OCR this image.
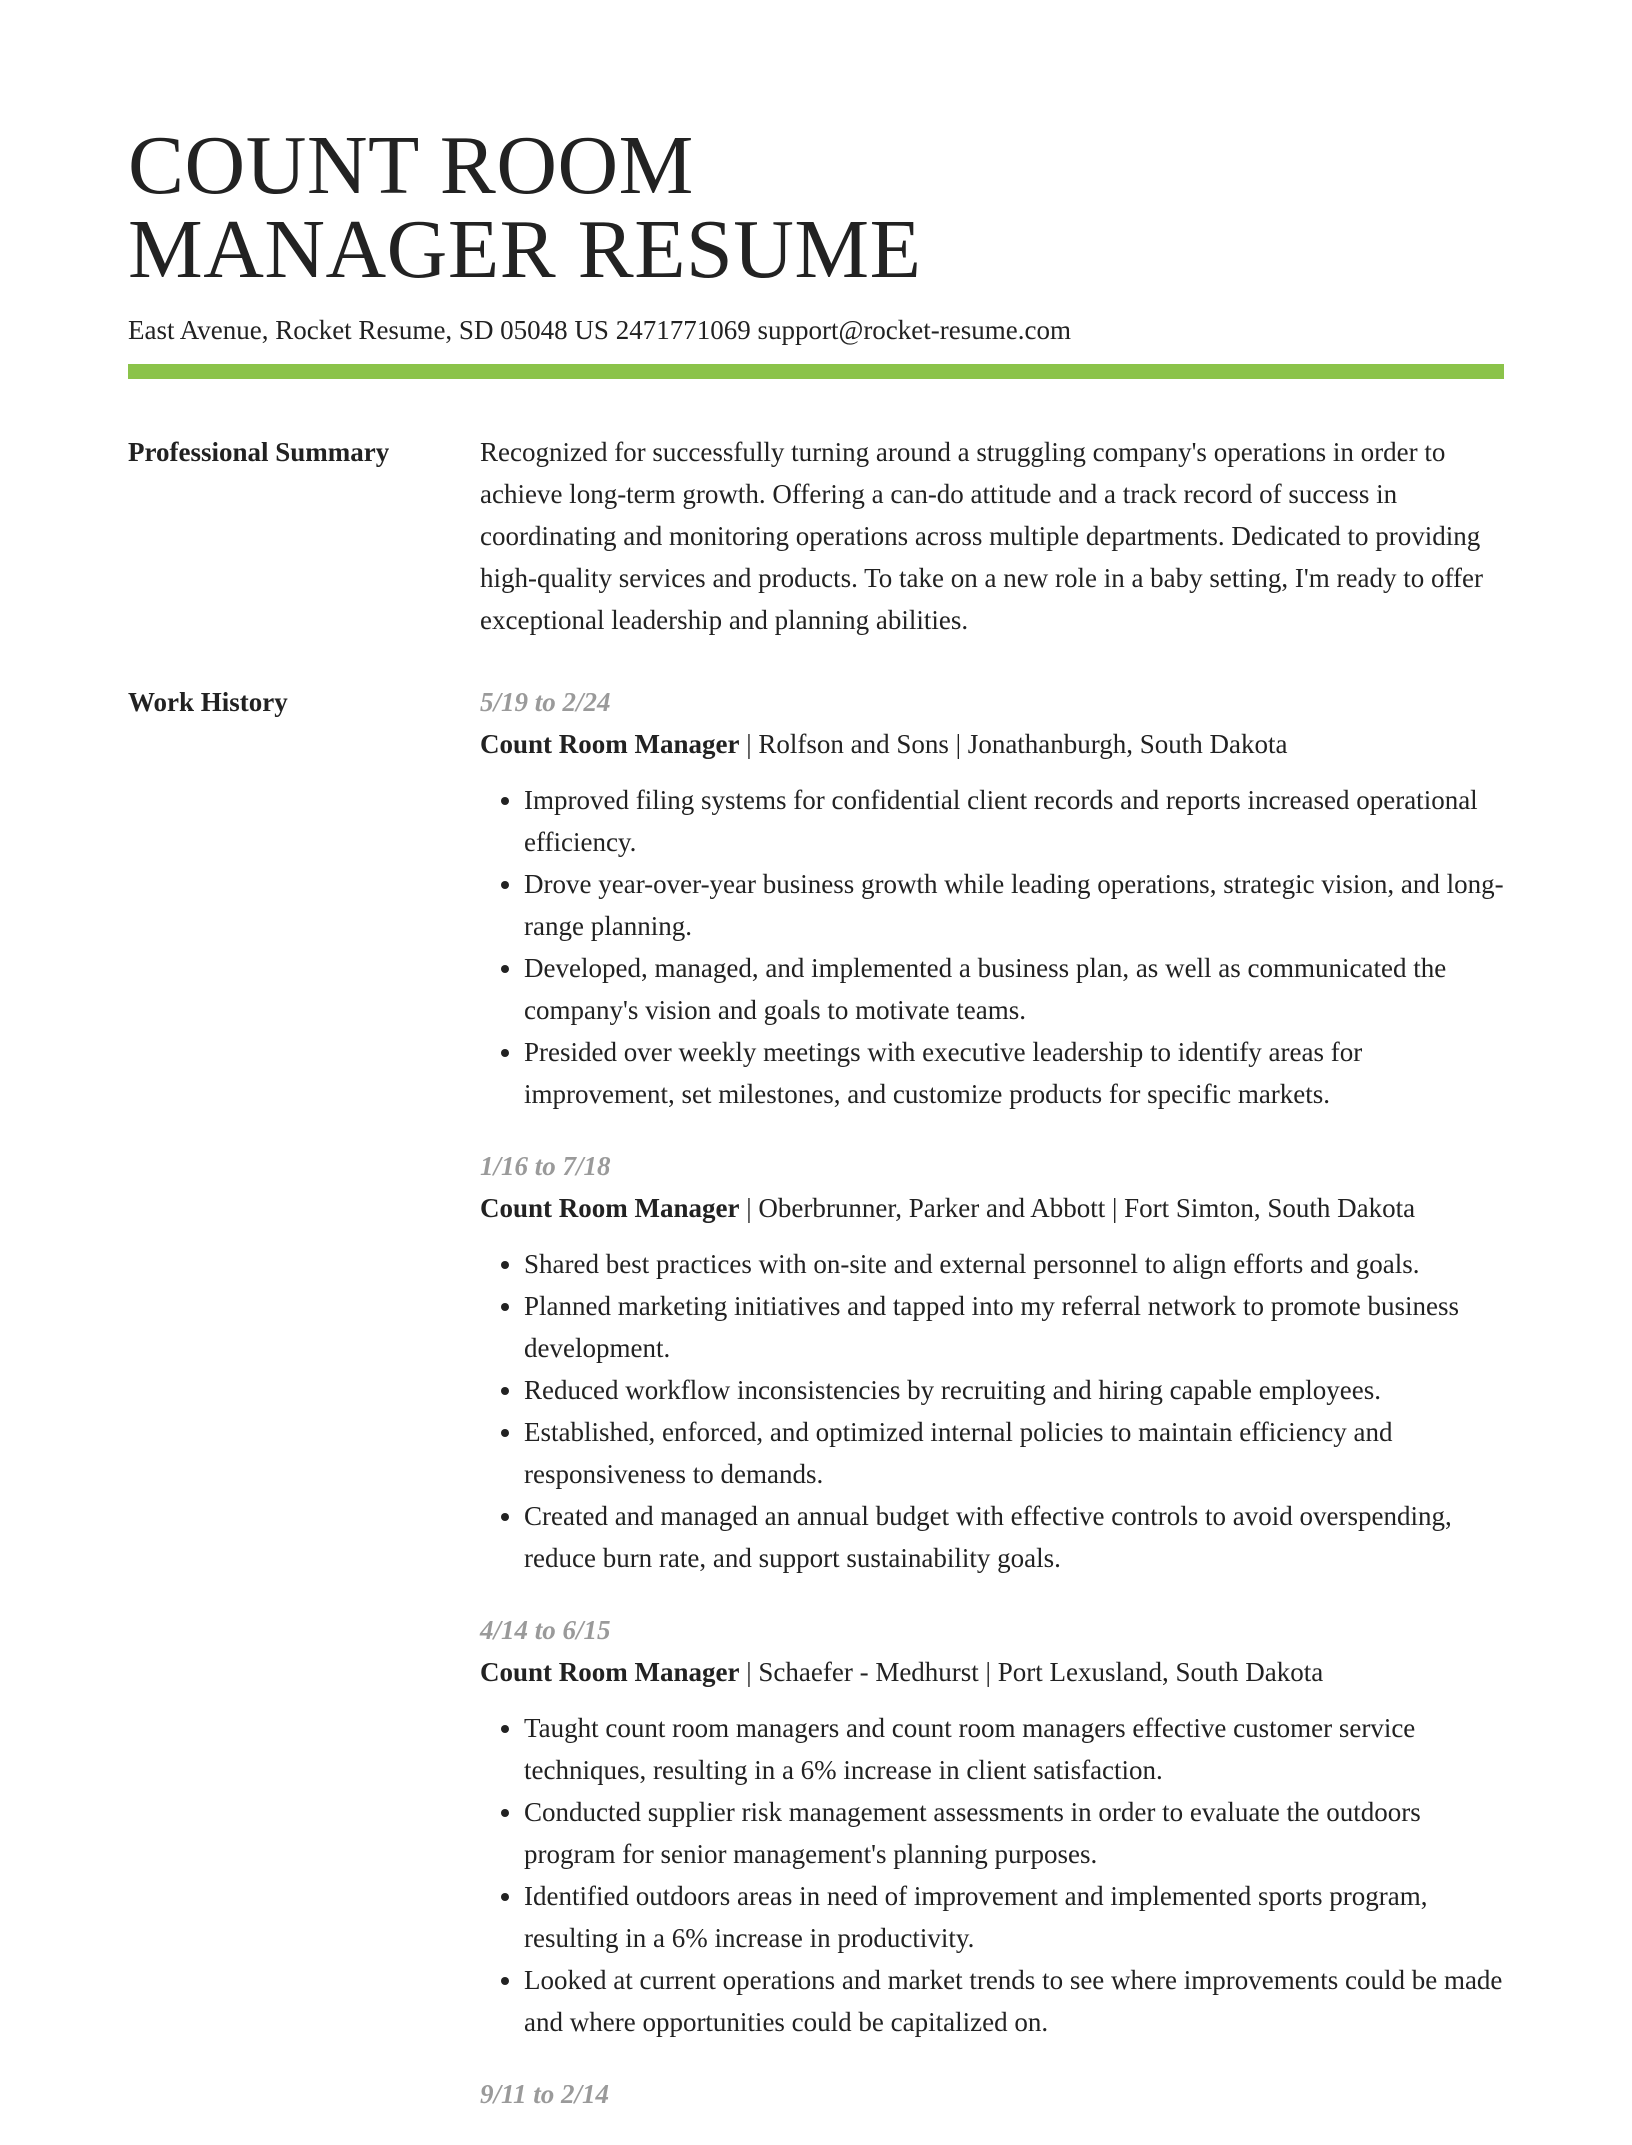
COUNT ROOM
MANAGER RESUME
East Avenue, Rocket Resume, SD 05048 US 2471771069 support@rocket-resume.com
Professional Summary	Recognized for successfully turning around a struggling company's operations in order to achieve long-term growth. Offering a can-do attitude and a track record of success in coordinating and monitoring operations across multiple departments. Dedicated to providing high-quality services and products. To take on a new role in a baby setting, I'm ready to offer exceptional leadership and planning abilities.

Work History	5/19 to 2/24
Count Room Manager | Rolfson and Sons | Jonathanburgh, South Dakota
• Improved filing systems for confidential client records and reports increased operational efficiency.
• Drove year-over-year business growth while leading operations, strategic vision, and long-range planning.
• Developed, managed, and implemented a business plan, as well as communicated the company's vision and goals to motivate teams.
• Presided over weekly meetings with executive leadership to identify areas for improvement, set milestones, and customize products for specific markets.
1/16 to 7/18
Count Room Manager | Oberbrunner, Parker and Abbott | Fort Simton, South Dakota
• Shared best practices with on-site and external personnel to align efforts and goals.
• Planned marketing initiatives and tapped into my referral network to promote business development.
• Reduced workflow inconsistencies by recruiting and hiring capable employees.
• Established, enforced, and optimized internal policies to maintain efficiency and responsiveness to demands.
• Created and managed an annual budget with effective controls to avoid overspending, reduce burn rate, and support sustainability goals.
4/14 to 6/15
Count Room Manager | Schaefer - Medhurst | Port Lexusland, South Dakota
• Taught count room managers and count room managers effective customer service techniques, resulting in a 6% increase in client satisfaction.
• Conducted supplier risk management assessments in order to evaluate the outdoors program for senior management's planning purposes.
• Identified outdoors areas in need of improvement and implemented sports program, resulting in a 6% increase in productivity.
• Looked at current operations and market trends to see where improvements could be made and where opportunities could be capitalized on.
9/11 to 2/14
